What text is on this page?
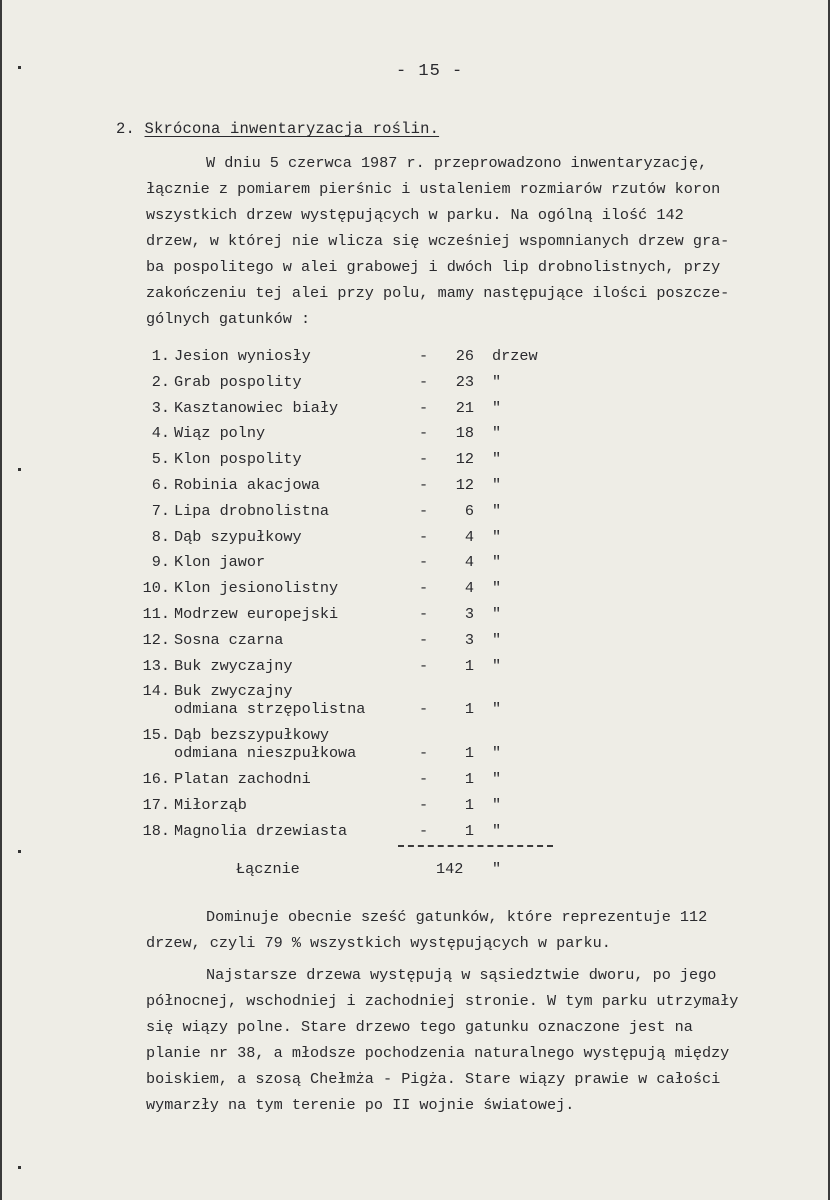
- 15 -
2. Skrócona inwentaryzacja roślin.

W dniu 5 czerwca 1987 r. przeprowadzono inwentaryzację,
łącznie z pomiarem pierśnic i ustaleniem rozmiarów rzutów koron
wszystkich drzew występujących w parku. Na ogólną ilość 142
drzew, w której nie wlicza się wcześniej wspomnianych drzew gra-
ba pospolitego w alei grabowej i dwóch lip drobnolistnych, przy
zakończeniu tej alei przy polu, mamy następujące ilości poszcze-
gólnych gatunków :

1. Jesion wyniosły	-	26 drzew
2. Grab pospolity	-	23 "
3. Kasztanowiec biały	-	21 "
4. Wiąz polny	-	18 "
5. Klon pospolity	-	12 "
6. Robinia akacjowa	-	12 "
7. Lipa drobnolistna	-	6 "
8. Dąb szypułkowy	-	4 "
9. Klon jawor	-	4 "
10. Klon jesionolistny	-	4 "
11. Modrzew europejski	-	3 "
12. Sosna czarna	-	3 "
13. Buk zwyczajny	-	1 "
14. Buk zwyczajny
odmiana strzępolistna	-	1 "
15. Dąb bezszypułkowy
odmiana nieszpułkowa	-	1 "
16. Platan zachodni	-	1 "
17. Miłorząb	-	1 "
18. Magnolia drzewiasta	-	1 "
Łącznie	142 "

Dominuje obecnie sześć gatunków, które reprezentuje 112
drzew, czyli 79 % wszystkich występujących w parku.

Najstarsze drzewa występują w sąsiedztwie dworu, po jego
północnej, wschodniej i zachodniej stronie. W tym parku utrzymały
się wiązy polne. Stare drzewo tego gatunku oznaczone jest na
planie nr 38, a młodsze pochodzenia naturalnego występują między
boiskiem, a szosą Chełmża - Pigża. Stare wiązy prawie w całości
wymarzły na tym terenie po II wojnie światowej.
